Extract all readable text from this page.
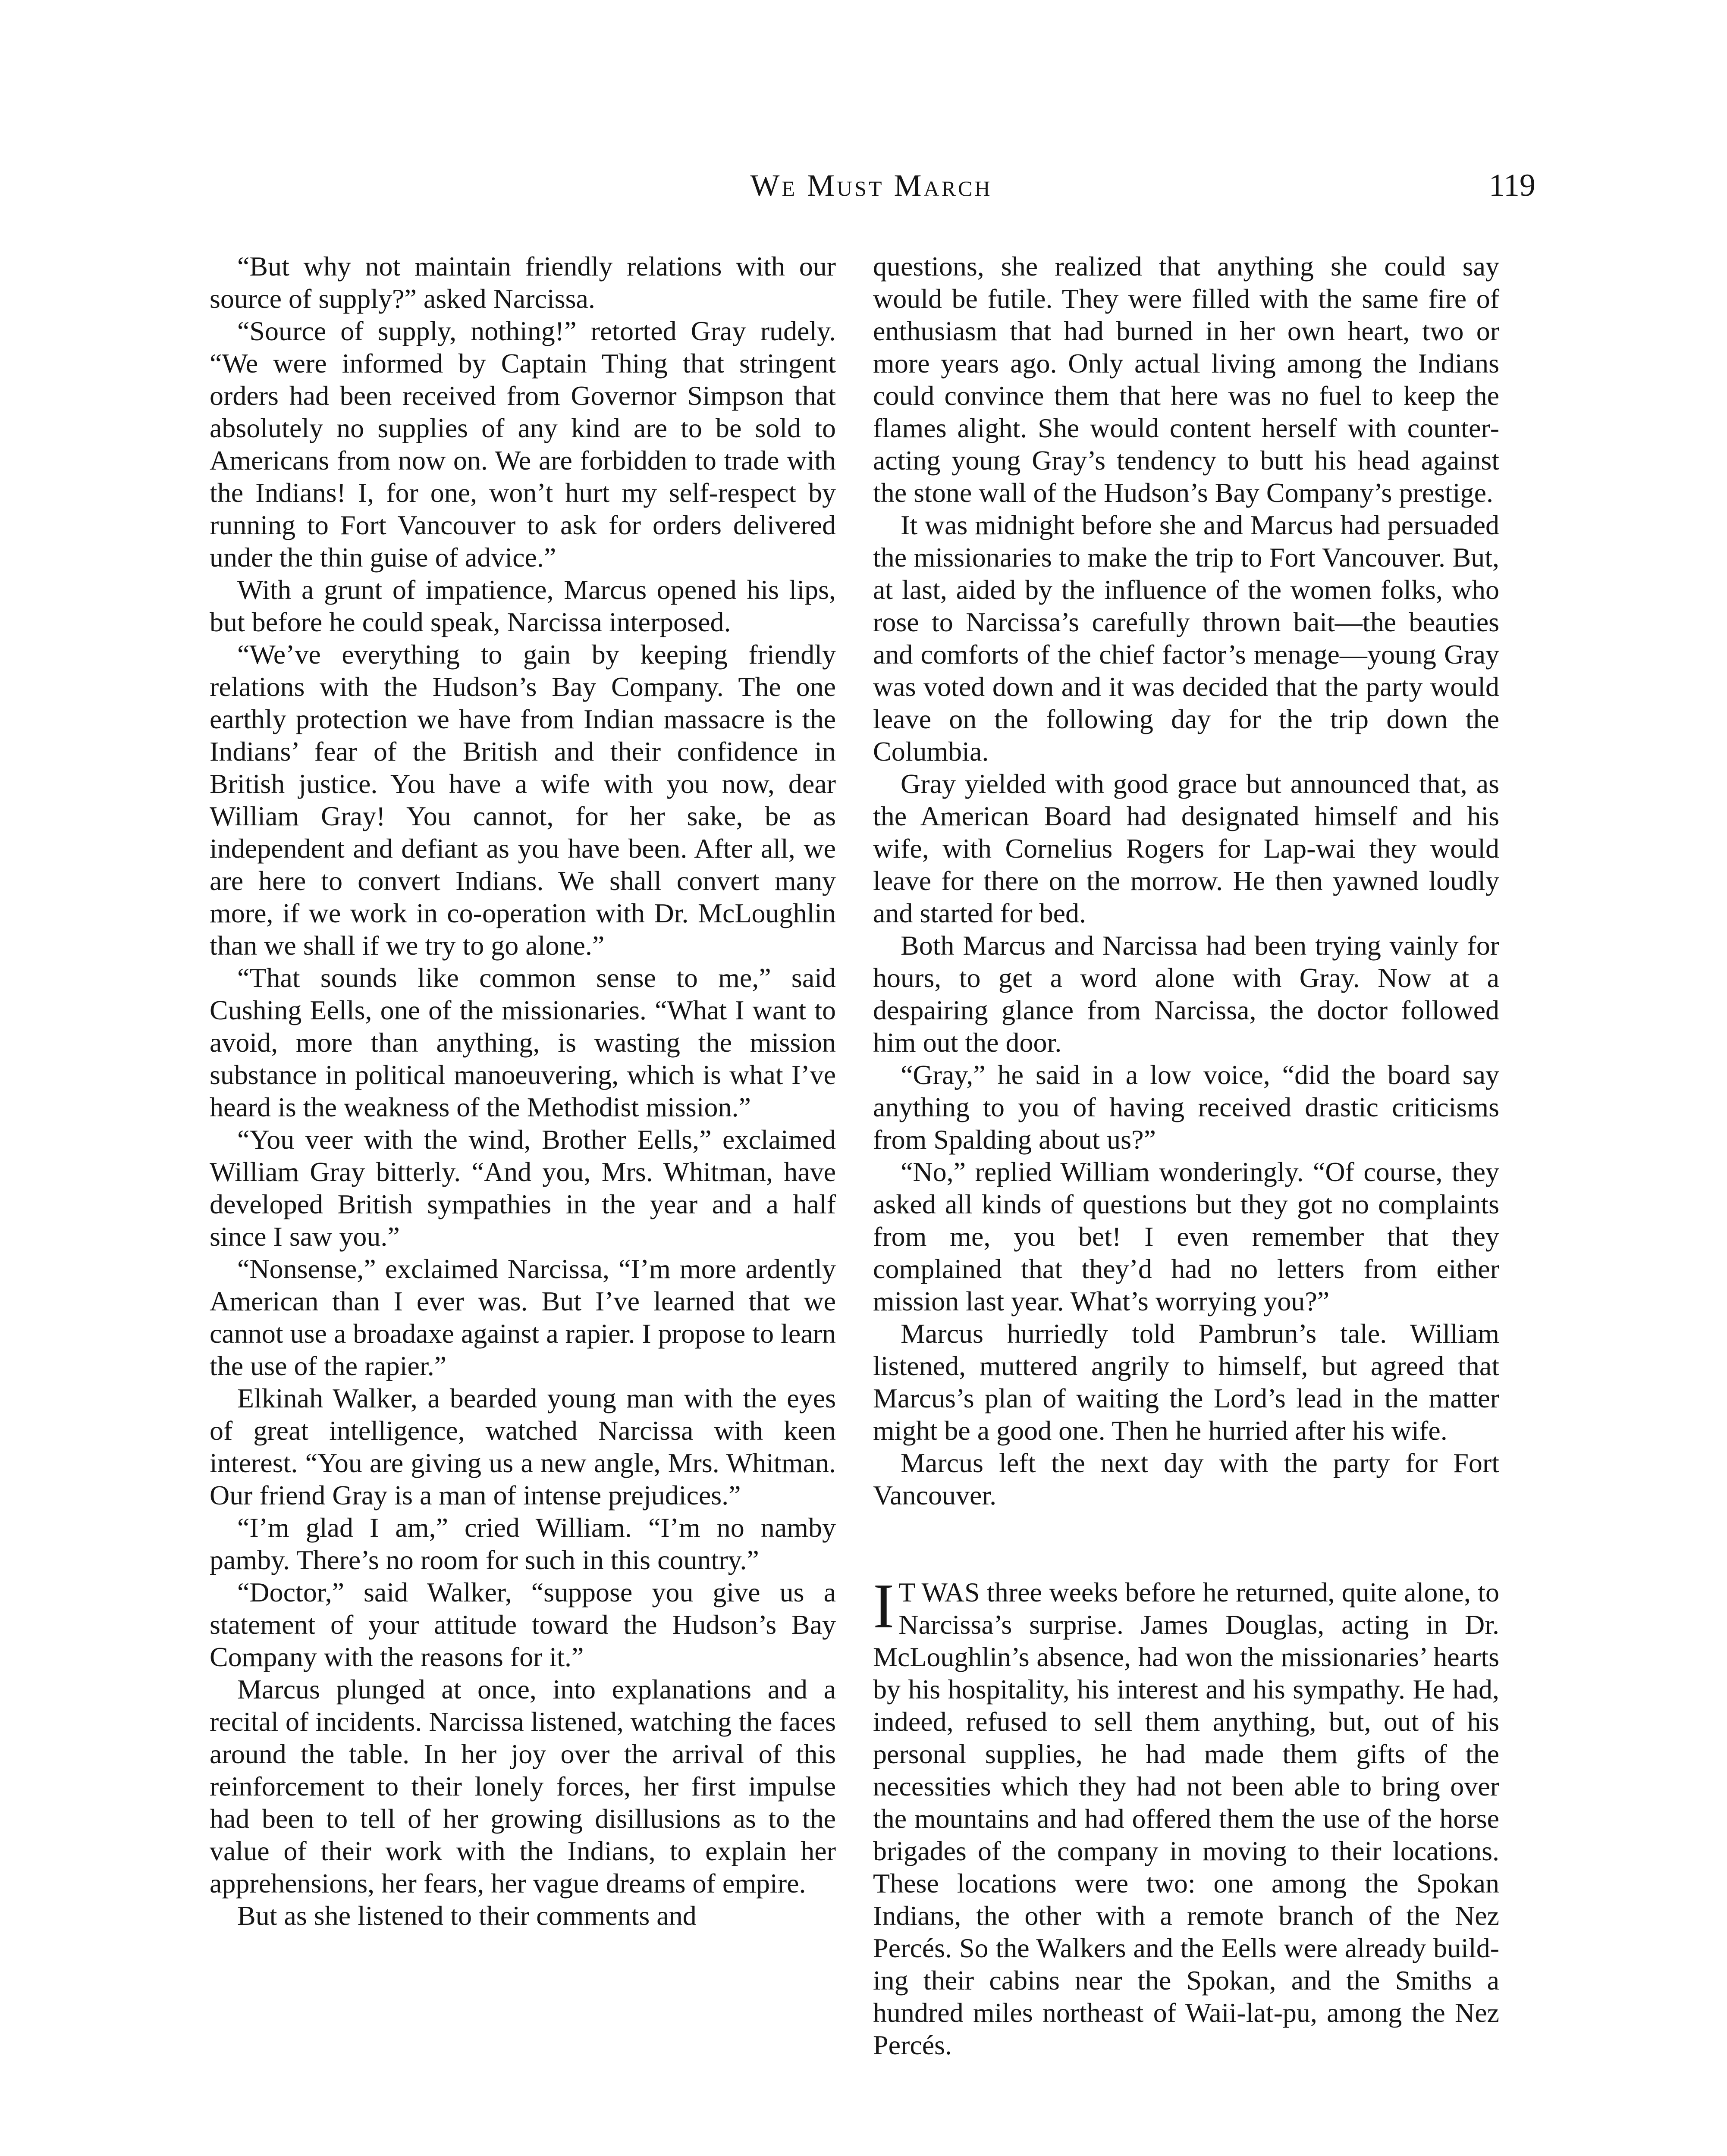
We Must March	119

“But why not maintain friendly relations with our source of supply?” asked Narcissa.

“Source of supply, nothing!” retorted Gray rudely. “We were informed by Captain Thing that stringent orders had been received from Governor Simpson that absolutely no supplies of any kind are to be sold to Americans from now on. We are forbidden to trade with the Indians! I, for one, won’t hurt my self-respect by running to Fort Vancouver to ask for orders delivered under the thin guise of advice.”

With a grunt of impatience, Marcus opened his lips, but before he could speak, Narcissa interposed.

“We’ve everything to gain by keeping friendly relations with the Hudson’s Bay Company. The one earthly protection we have from Indian massacre is the Indians’ fear of the British and their confidence in British justice. You have a wife with you now, dear William Gray! You cannot, for her sake, be as independent and defiant as you have been. After all, we are here to convert Indians. We shall convert many more, if we work in co-operation with Dr. McLoughlin than we shall if we try to go alone.”

“That sounds like common sense to me,” said Cushing Eells, one of the missionaries. “What I want to avoid, more than anything, is wasting the mission substance in political manoeuvering, which is what I’ve heard is the weakness of the Methodist mission.”

“You veer with the wind, Brother Eells,” exclaimed William Gray bitterly. “And you, Mrs. Whitman, have developed British sympathies in the year and a half since I saw you.”

“Nonsense,” exclaimed Narcissa, “I’m more ardently American than I ever was. But I’ve learned that we cannot use a broadaxe against a rapier. I propose to learn the use of the rapier.”

Elkinah Walker, a bearded young man with the eyes of great intelligence, watched Narcissa with keen interest. “You are giving us a new angle, Mrs. Whitman. Our friend Gray is a man of intense prejudices.”

“I’m glad I am,” cried William. “I’m no namby pamby. There’s no room for such in this country.”

“Doctor,” said Walker, “suppose you give us a statement of your attitude toward the Hudson’s Bay Company with the reasons for it.”

Marcus plunged at once, into explanations and a recital of incidents. Narcissa listened, watching the faces around the table. In her joy over the arrival of this reinforcement to their lonely forces, her first impulse had been to tell of her growing disillusions as to the value of their work with the Indians, to explain her apprehensions, her fears, her vague dreams of empire.

But as she listened to their comments and

questions, she realized that anything she could say would be futile. They were filled with the same fire of enthusiasm that had burned in her own heart, two or more years ago. Only actual living among the Indians could convince them that here was no fuel to keep the flames alight. She would content herself with counteracting young Gray’s tendency to butt his head against the stone wall of the Hudson’s Bay Company’s prestige.

It was midnight before she and Marcus had persuaded the missionaries to make the trip to Fort Vancouver. But, at last, aided by the influence of the women folks, who rose to Narcissa’s carefully thrown bait—the beauties and comforts of the chief factor’s menage—young Gray was voted down and it was decided that the party would leave on the following day for the trip down the Columbia.

Gray yielded with good grace but announced that, as the American Board had designated himself and his wife, with Cornelius Rogers for Lap-wai they would leave for there on the morrow. He then yawned loudly and started for bed.

Both Marcus and Narcissa had been trying vainly for hours, to get a word alone with Gray. Now at a despairing glance from Narcissa, the doctor followed him out the door.

“Gray,” he said in a low voice, “did the board say anything to you of having received drastic criticisms from Spalding about us?”

“No,” replied William wonderingly. “Of course, they asked all kinds of questions but they got no complaints from me, you bet! I even remember that they complained that they’d had no letters from either mission last year. What’s worrying you?”

Marcus hurriedly told Pambrun’s tale. William listened, muttered angrily to himself, but agreed that Marcus’s plan of waiting the Lord’s lead in the matter might be a good one. Then he hurried after his wife.

Marcus left the next day with the party for Fort Vancouver.

I T WAS three weeks before he returned, quite alone, to Narcissa’s surprise. James Douglas, acting in Dr. McLoughlin’s absence, had won the missionaries’ hearts by his hospitality, his interest and his sympathy. He had, indeed, refused to sell them anything, but, out of his personal supplies, he had made them gifts of the necessities which they had not been able to bring over the mountains and had offered them the use of the horse brigades of the company in moving to their locations. These locations were two: one among the Spokan Indians, the other with a remote branch of the Nez Percés. So the Walkers and the Eells were already building their cabins near the Spokan, and the Smiths a hundred miles northeast of Waii-lat-pu, among the Nez Percés.
